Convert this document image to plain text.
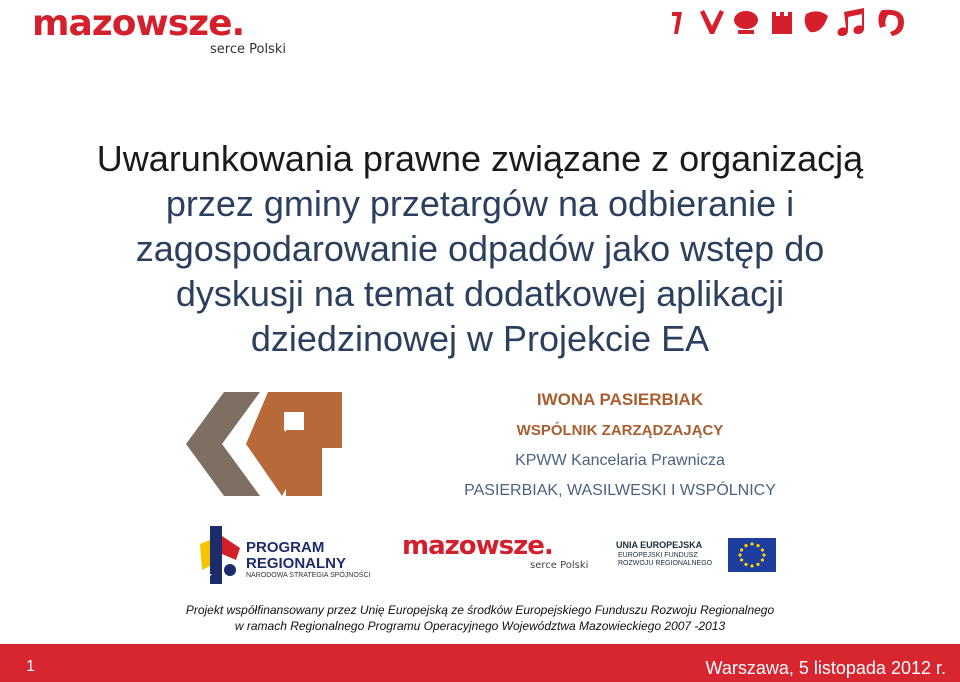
mazowsze.
serce Polski
Uwarunkowania prawne związane z organizacją
przez gminy przetargów na odbieranie i
zagospodarowanie odpadów jako wstęp do
dyskusji na temat dodatkowej aplikacji
dziedzinowej w Projekcie EA
IWONA PASIERBIAK
WSPÓLNIK ZARZĄDZAJĄCY
KPWW Kancelaria Prawnicza
PASIERBIAK, WASILWESKI I WSPÓLNICY
PROGRAM
REGIONALNY
NARODOWA STRATEGIA SPÓJNOŚCI
mazowsze.
serce Polski
UNIA EUROPEJSKA
EUROPEJSKI FUNDUSZ
ROZWOJU REGIONALNEGO
Projekt współfinansowany przez Unię Europejską ze środków Europejskiego Funduszu Rozwoju Regionalnego
w ramach Regionalnego Programu Operacyjnego Województwa Mazowieckiego 2007 -2013
1	Warszawa, 5 listopada 2012 r.
